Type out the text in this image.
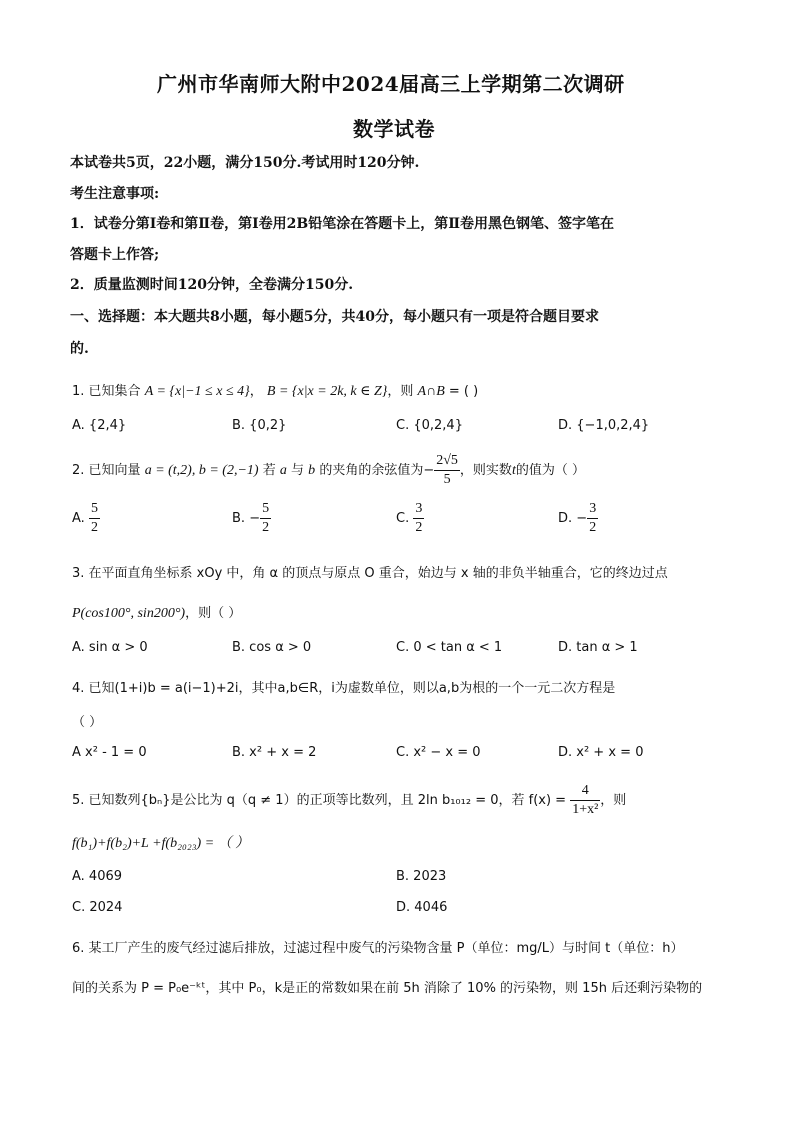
广州市华南师大附中2024届高三上学期第二次调研
数学试卷
本试卷共5页，22小题，满分150分.考试用时120分钟.
考生注意事项:
1．试卷分第Ⅰ卷和第Ⅱ卷，第Ⅰ卷用2B铅笔涂在答题卡上，第Ⅱ卷用黑色钢笔、签字笔在
答题卡上作答;
2．质量监测时间120分钟，全卷满分150分.
一、选择题：本大题共8小题，每小题5分，共40分，每小题只有一项是符合题目要求
的.
1. 已知集合 A = {x|−1 ≤ x ≤ 4}， B = {x|x = 2k, k ∈ Z}，则 A∩B = ( )
A. {2,4}	B. {0,2}	C. {0,2,4}	D. {−1,0,2,4}
2. 已知向量 a = (t,2), b = (2,−1) 若 a 与 b 的夹角的余弦值为− $\frac{2√5}{5}$ ，则实数t的值为（ ）
A. $\frac{5}{2}$	B. − $\frac{5}{2}$	C. $\frac{3}{2}$	D. − $\frac{3}{2}$
3. 在平面直角坐标系 xOy 中，角 α 的顶点与原点 O 重合，始边与 x 轴的非负半轴重合，它的终边过点
P(cos100°, sin200°)，则（ ）
A. sin α > 0	B. cos α > 0	C. 0 < tan α < 1	D. tan α > 1
4. 已知(1+i)b = a(i−1)+2i，其中a,b∈R，i为虚数单位，则以a,b为根的一个一元二次方程是
（ ）
A x² - 1 = 0	B. x² + x = 2	C. x² − x = 0	D. x² + x = 0
5. 已知数列{bₙ}是公比为 q（q ≠ 1）的正项等比数列，且 2ln b₁₀₁₂ = 0，若 $f(x) = \frac{4}{\text{1+x²}}$ ，则
f(b₁)+f(b₂)+L +f(b₂₀₂₃) = （ ）
A. 4069	B. 2023
C. 2024	D. 4046
6. 某工厂产生的废气经过滤后排放，过滤过程中废气的污染物含量 P（单位：mg/L）与时间 t（单位：h）
间的关系为 P = P₀e⁻ᵏᵗ，其中 P₀，k是正的常数如果在前 5h 消除了 10% 的污染物，则 15h 后还剩污染物的
